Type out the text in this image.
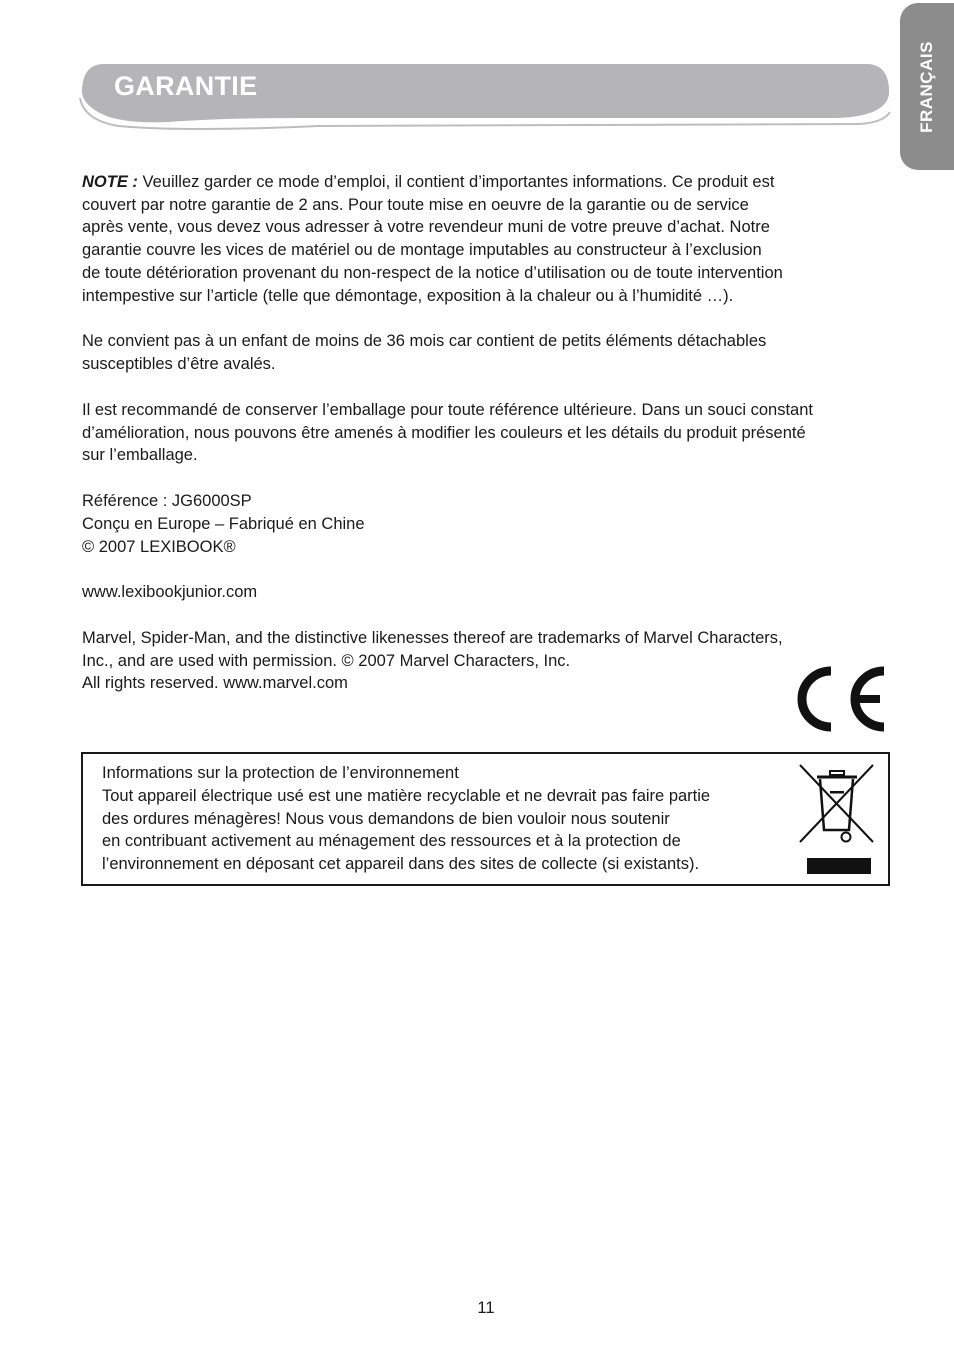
FRANÇAIS
GARANTIE

NOTE : Veuillez garder ce mode d’emploi, il contient d’importantes informations. Ce produit est
couvert par notre garantie de 2 ans. Pour toute mise en oeuvre de la garantie ou de service
après vente, vous devez vous adresser à votre revendeur muni de votre preuve d’achat. Notre
garantie couvre les vices de matériel ou de montage imputables au constructeur à l’exclusion
de toute détérioration provenant du non-respect de la notice d’utilisation ou de toute intervention
intempestive sur l’article (telle que démontage, exposition à la chaleur ou à l’humidité …).

Ne convient pas à un enfant de moins de 36 mois car contient de petits éléments détachables
susceptibles d’être avalés.

Il est recommandé de conserver l’emballage pour toute référence ultérieure. Dans un souci constant
d’amélioration, nous pouvons être amenés à modifier les couleurs et les détails du produit présenté
sur l’emballage.

Référence : JG6000SP
Conçu en Europe – Fabriqué en Chine
© 2007 LEXIBOOK®

www.lexibookjunior.com

Marvel, Spider-Man, and the distinctive likenesses thereof are trademarks of Marvel Characters,
Inc., and are used with permission. © 2007 Marvel Characters, Inc.
All rights reserved. www.marvel.com

Informations sur la protection de l’environnement
Tout appareil électrique usé est une matière recyclable et ne devrait pas faire partie
des ordures ménagères! Nous vous demandons de bien vouloir nous soutenir
en contribuant activement au ménagement des ressources et à la protection de
l’environnement en déposant cet appareil dans des sites de collecte (si existants).
11
